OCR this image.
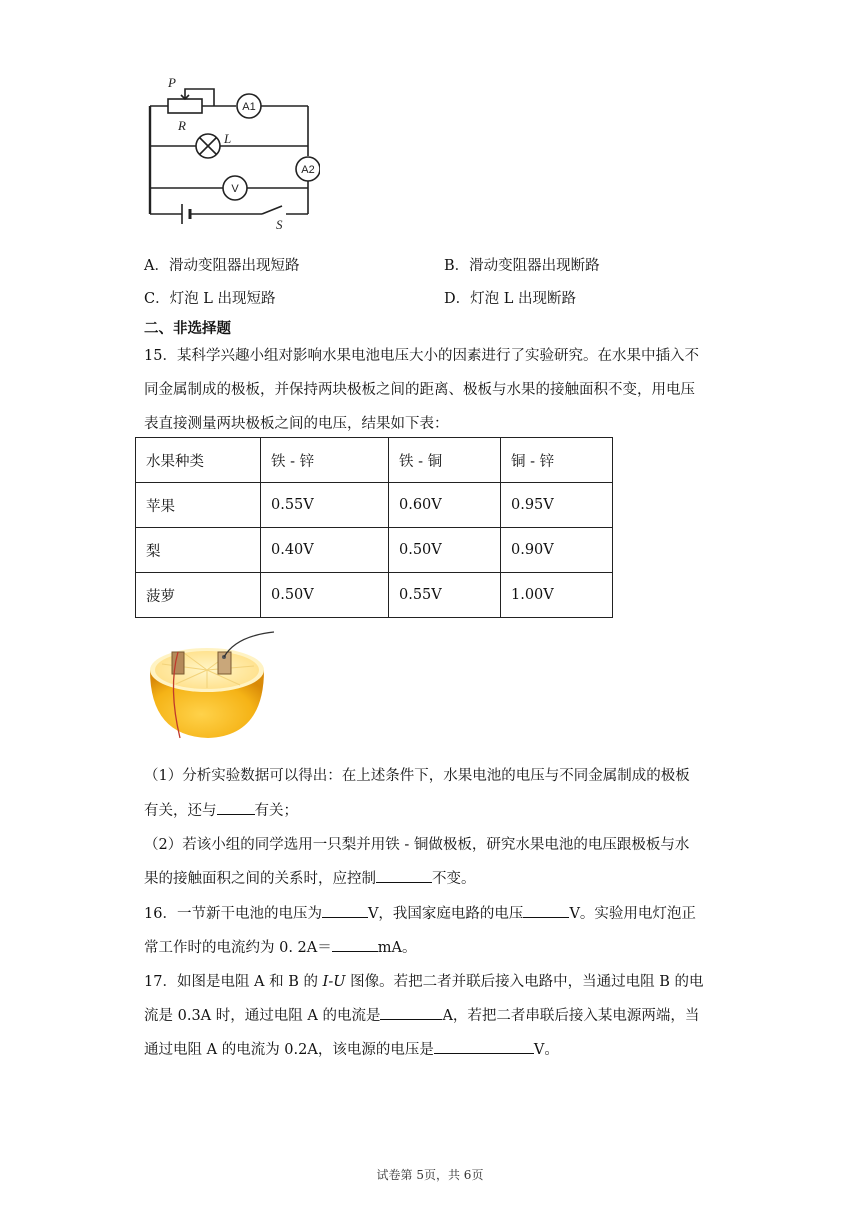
P
R
L
S
A1
A2
V
A．滑动变阻器出现短路	B．滑动变阻器出现断路
C．灯泡 L 出现短路	D．灯泡 L 出现断路
二、非选择题
15．某科学兴趣小组对影响水果电池电压大小的因素进行了实验研究。在水果中插入不
同金属制成的极板，并保持两块极板之间的距离、极板与水果的接触面积不变，用电压
表直接测量两块极板之间的电压，结果如下表：
水果种类	铁 - 锌	铁 - 铜	铜 - 锌
苹果	0.55V	0.60V	0.95V
梨	0.40V	0.50V	0.90V
菠萝	0.50V	0.55V	1.00V
（1）分析实验数据可以得出：在上述条件下，水果电池的电压与不同金属制成的极板
有关，还与	有关；
（2）若该小组的同学选用一只梨并用铁 - 铜做极板，研究水果电池的电压跟极板与水
果的接触面积之间的关系时，应控制	不变。
16．一节新干电池的电压为	V，我国家庭电路的电压	V。实验用电灯泡正
常工作时的电流约为 0. 2A＝	mA。
17．如图是电阻 A 和 B 的 I-U 图像。若把二者并联后接入电路中，当通过电阻 B 的电
流是 0.3A 时，通过电阻 A 的电流是	A，若把二者串联后接入某电源两端，当
通过电阻 A 的电流为 0.2A，该电源的电压是	V。
试卷第 5页，共 6页
